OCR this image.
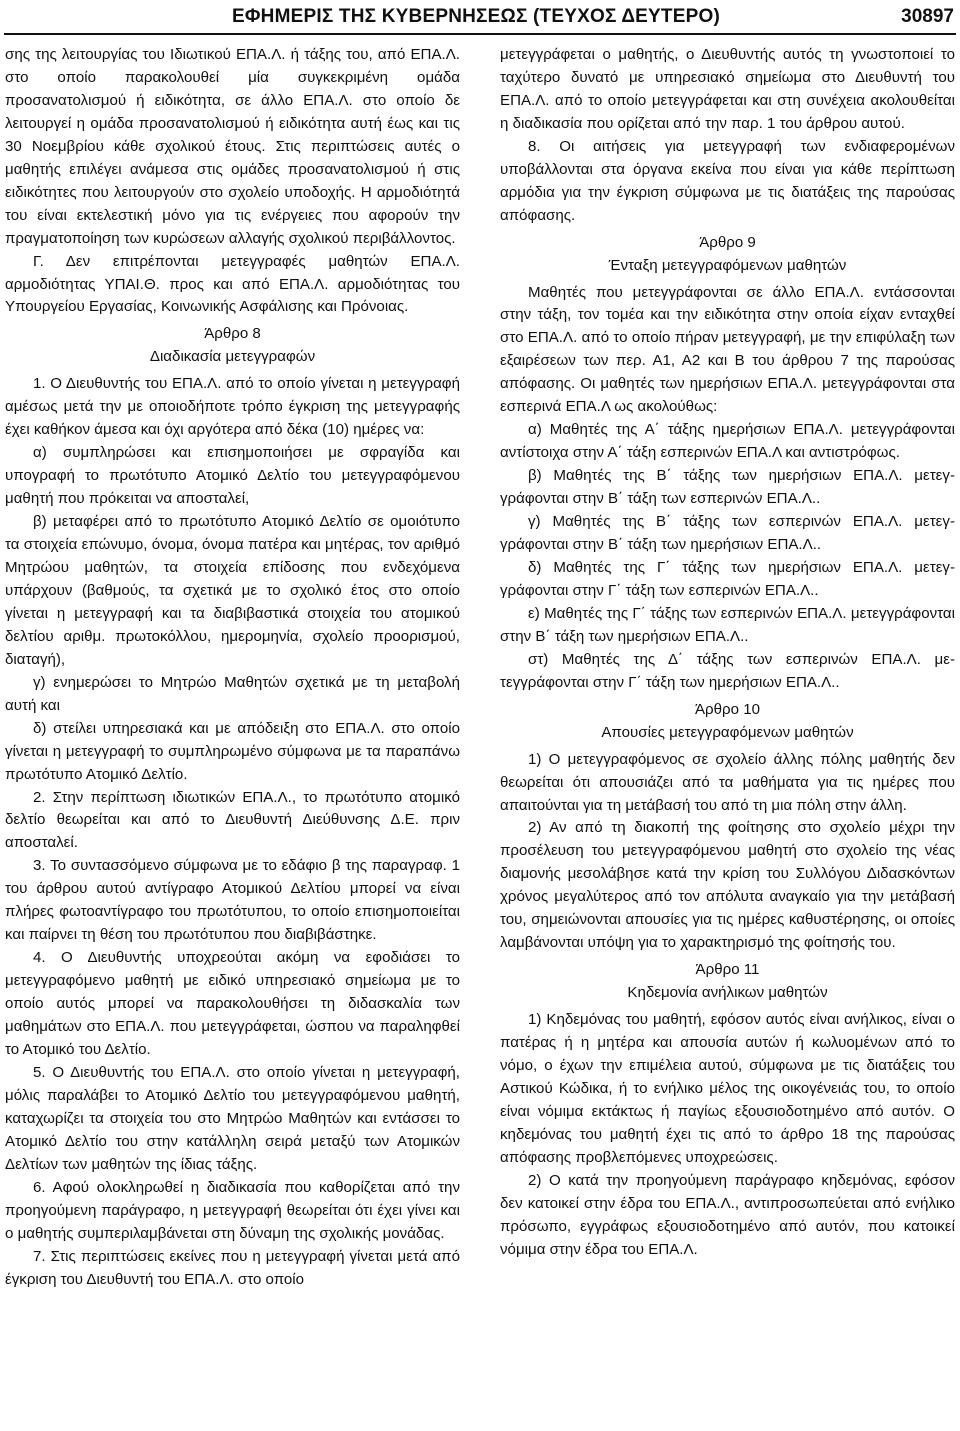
ΕΦΗΜΕΡΙΣ ΤΗΣ ΚΥΒΕΡΝΗΣΕΩΣ (ΤΕΥΧΟΣ ΔΕΥΤΕΡΟ)	30897

σης της λειτουργίας του Ιδιωτικού ΕΠΑ.Λ. ή τάξης του, από ΕΠΑ.Λ. στο οποίο παρακολουθεί μία συγκεκριμένη ομάδα προσανατολισμού ή ειδικότητα, σε άλλο ΕΠΑ.Λ. στο οποίο δε λειτουργεί η ομάδα προσανατολισμού ή ειδικότητα αυτή έως και τις 30 Νοεμβρίου κάθε σχολικού έτους. Στις περιπτώσεις αυτές ο μαθητής επιλέγει ανάμεσα στις ομάδες προσανατολισμού ή στις ειδικότητες που λειτουργούν στο σχολείο υποδοχής. Η αρμοδιότητά του είναι εκτελεστική μόνο για τις ενέργειες που αφορούν την πραγματοποίηση των κυρώσεων αλλαγής σχολικού περιβάλλοντος.

Γ. Δεν επιτρέπονται μετεγγραφές μαθητών ΕΠΑ.Λ. αρμοδιότητας ΥΠΑΙ.Θ. προς και από ΕΠΑ.Λ. αρμοδιότητας του Υπουργείου Εργασίας, Κοινωνικής Ασφάλισης και Πρόνοιας.

Άρθρο 8

Διαδικασία μετεγγραφών

1. Ο Διευθυντής του ΕΠΑ.Λ. από το οποίο γίνεται η μετεγγραφή αμέσως μετά την με οποιοδήποτε τρόπο έγκριση της μετεγγραφής έχει καθήκον άμεσα και όχι αργότερα από δέκα (10) ημέρες να:

α) συμπληρώσει και επισημοποιήσει με σφραγίδα και υπογραφή το πρωτότυπο Ατομικό Δελτίο του μετεγγραφόμενου μαθητή που πρόκειται να αποσταλεί,

β) μεταφέρει από το πρωτότυπο Ατομικό Δελτίο σε ομοιότυπο τα στοιχεία επώνυμο, όνομα, όνομα πατέρα και μητέρας, τον αριθμό Μητρώου μαθητών, τα στοιχεία επίδοσης που ενδεχόμενα υπάρχουν (βαθμούς, τα σχετικά με το σχολικό έτος στο οποίο γίνεται η μετεγγραφή και τα διαβιβαστικά στοιχεία του ατομικού δελτίου αριθμ. πρωτοκόλλου, ημερομηνία, σχολείο προορισμού, διαταγή),

γ) ενημερώσει το Μητρώο Μαθητών σχετικά με τη μεταβολή αυτή και

δ) στείλει υπηρεσιακά και με απόδειξη στο ΕΠΑ.Λ. στο οποίο γίνεται η μετεγγραφή το συμπληρωμένο σύμφωνα με τα παραπάνω πρωτότυπο Ατομικό Δελτίο.

2. Στην περίπτωση ιδιωτικών ΕΠΑ.Λ., το πρωτότυπο ατομικό δελτίο θεωρείται και από το Διευθυντή Διεύθυνσης Δ.Ε. πριν αποσταλεί.

3. Το συντασσόμενο σύμφωνα με το εδάφιο β της παραγραφ. 1 του άρθρου αυτού αντίγραφο Ατομικού Δελτίου μπορεί να είναι πλήρες φωτοαντίγραφο του πρωτότυπου, το οποίο επισημοποιείται και παίρνει τη θέση του πρωτότυπου που διαβιβάστηκε.

4. Ο Διευθυντής υποχρεούται ακόμη να εφοδιάσει το μετεγγραφόμενο μαθητή με ειδικό υπηρεσιακό σημείωμα με το οποίο αυτός μπορεί να παρακολουθήσει τη διδασκαλία των μαθημάτων στο ΕΠΑ.Λ. που μετεγγράφεται, ώσπου να παραληφθεί το Ατομικό του Δελτίο.

5. Ο Διευθυντής του ΕΠΑ.Λ. στο οποίο γίνεται η μετεγγραφή, μόλις παραλάβει το Ατομικό Δελτίο του μετεγγραφόμενου μαθητή, καταχωρίζει τα στοιχεία του στο Μητρώο Μαθητών και εντάσσει το Ατομικό Δελτίο του στην κατάλληλη σειρά μεταξύ των Ατομικών Δελτίων των μαθητών της ίδιας τάξης.

6. Αφού ολοκληρωθεί η διαδικασία που καθορίζεται από την προηγούμενη παράγραφο, η μετεγγραφή θεωρείται ότι έχει γίνει και ο μαθητής συμπεριλαμβάνεται στη δύναμη της σχολικής μονάδας.

7. Στις περιπτώσεις εκείνες που η μετεγγραφή γίνεται μετά από έγκριση του Διευθυντή του ΕΠΑ.Λ. στο οποίο

μετεγγράφεται ο μαθητής, ο Διευθυντής αυτός τη γνωστοποιεί το ταχύτερο δυνατό με υπηρεσιακό σημείωμα στο Διευθυντή του ΕΠΑ.Λ. από το οποίο μετεγγράφεται και στη συνέχεια ακολουθείται η διαδικασία που ορίζεται από την παρ. 1 του άρθρου αυτού.

8. Οι αιτήσεις για μετεγγραφή των ενδιαφερομένων υποβάλλονται στα όργανα εκείνα που είναι για κάθε περίπτωση αρμόδια για την έγκριση σύμφωνα με τις διατάξεις της παρούσας απόφασης.

Άρθρο 9

Ένταξη μετεγγραφόμενων μαθητών

Μαθητές που μετεγγράφονται σε άλλο ΕΠΑ.Λ. εντάσσονται στην τάξη, τον τομέα και την ειδικότητα στην οποία είχαν ενταχθεί στο ΕΠΑ.Λ. από το οποίο πήραν μετεγγραφή, με την επιφύλαξη των εξαιρέσεων των περ. Α1, Α2 και Β του άρθρου 7 της παρούσας απόφασης. Οι μαθητές των ημερήσιων ΕΠΑ.Λ. μετεγγράφονται στα εσπερινά ΕΠΑ.Λ ως ακολούθως:

α) Μαθητές της Α΄ τάξης ημερήσιων ΕΠΑ.Λ. μετεγγράφονται αντίστοιχα στην Α΄ τάξη εσπερινών ΕΠΑ.Λ και αντιστρόφως.

β) Μαθητές της Β΄ τάξης των ημερήσιων ΕΠΑ.Λ. μετεγγράφονται στην Β΄ τάξη των εσπερινών ΕΠΑ.Λ..

γ) Μαθητές της Β΄ τάξης των εσπερινών ΕΠΑ.Λ. μετεγγράφονται στην Β΄ τάξη των ημερήσιων ΕΠΑ.Λ..

δ) Μαθητές της Γ΄ τάξης των ημερήσιων ΕΠΑ.Λ. μετεγγράφονται στην Γ΄ τάξη των εσπερινών ΕΠΑ.Λ..

ε) Μαθητές της Γ΄ τάξης των εσπερινών ΕΠΑ.Λ. μετεγγράφονται στην Β΄ τάξη των ημερήσιων ΕΠΑ.Λ..

στ) Μαθητές της Δ΄ τάξης των εσπερινών ΕΠΑ.Λ. μετεγγράφονται στην Γ΄ τάξη των ημερήσιων ΕΠΑ.Λ..

Άρθρο 10

Απουσίες μετεγγραφόμενων μαθητών

1) Ο μετεγγραφόμενος σε σχολείο άλλης πόλης μαθητής δεν θεωρείται ότι απουσιάζει από τα μαθήματα για τις ημέρες που απαιτούνται για τη μετάβασή του από τη μια πόλη στην άλλη.

2) Αν από τη διακοπή της φοίτησης στο σχολείο μέχρι την προσέλευση του μετεγγραφόμενου μαθητή στο σχολείο της νέας διαμονής μεσολάβησε κατά την κρίση του Συλλόγου Διδασκόντων χρόνος μεγαλύτερος από τον απόλυτα αναγκαίο για την μετάβασή του, σημειώνονται απουσίες για τις ημέρες καθυστέρησης, οι οποίες λαμβάνονται υπόψη για το χαρακτηρισμό της φοίτησής του.

Άρθρο 11

Κηδεμονία ανήλικων μαθητών

1) Κηδεμόνας του μαθητή, εφόσον αυτός είναι ανήλικος, είναι ο πατέρας ή η μητέρα και απουσία αυτών ή κωλυομένων από το νόμο, ο έχων την επιμέλεια αυτού, σύμφωνα με τις διατάξεις του Αστικού Κώδικα, ή το ενήλικο μέλος της οικογένειάς του, το οποίο είναι νόμιμα εκτάκτως ή παγίως εξουσιοδοτημένο από αυτόν. Ο κηδεμόνας του μαθητή έχει τις από το άρθρο 18 της παρούσας απόφασης προβλεπόμενες υποχρεώσεις.

2) Ο κατά την προηγούμενη παράγραφο κηδεμόνας, εφόσον δεν κατοικεί στην έδρα του ΕΠΑ.Λ., αντιπροσωπεύεται από ενήλικο πρόσωπο, εγγράφως εξουσιοδοτημένο από αυτόν, που κατοικεί νόμιμα στην έδρα του ΕΠΑ.Λ.
